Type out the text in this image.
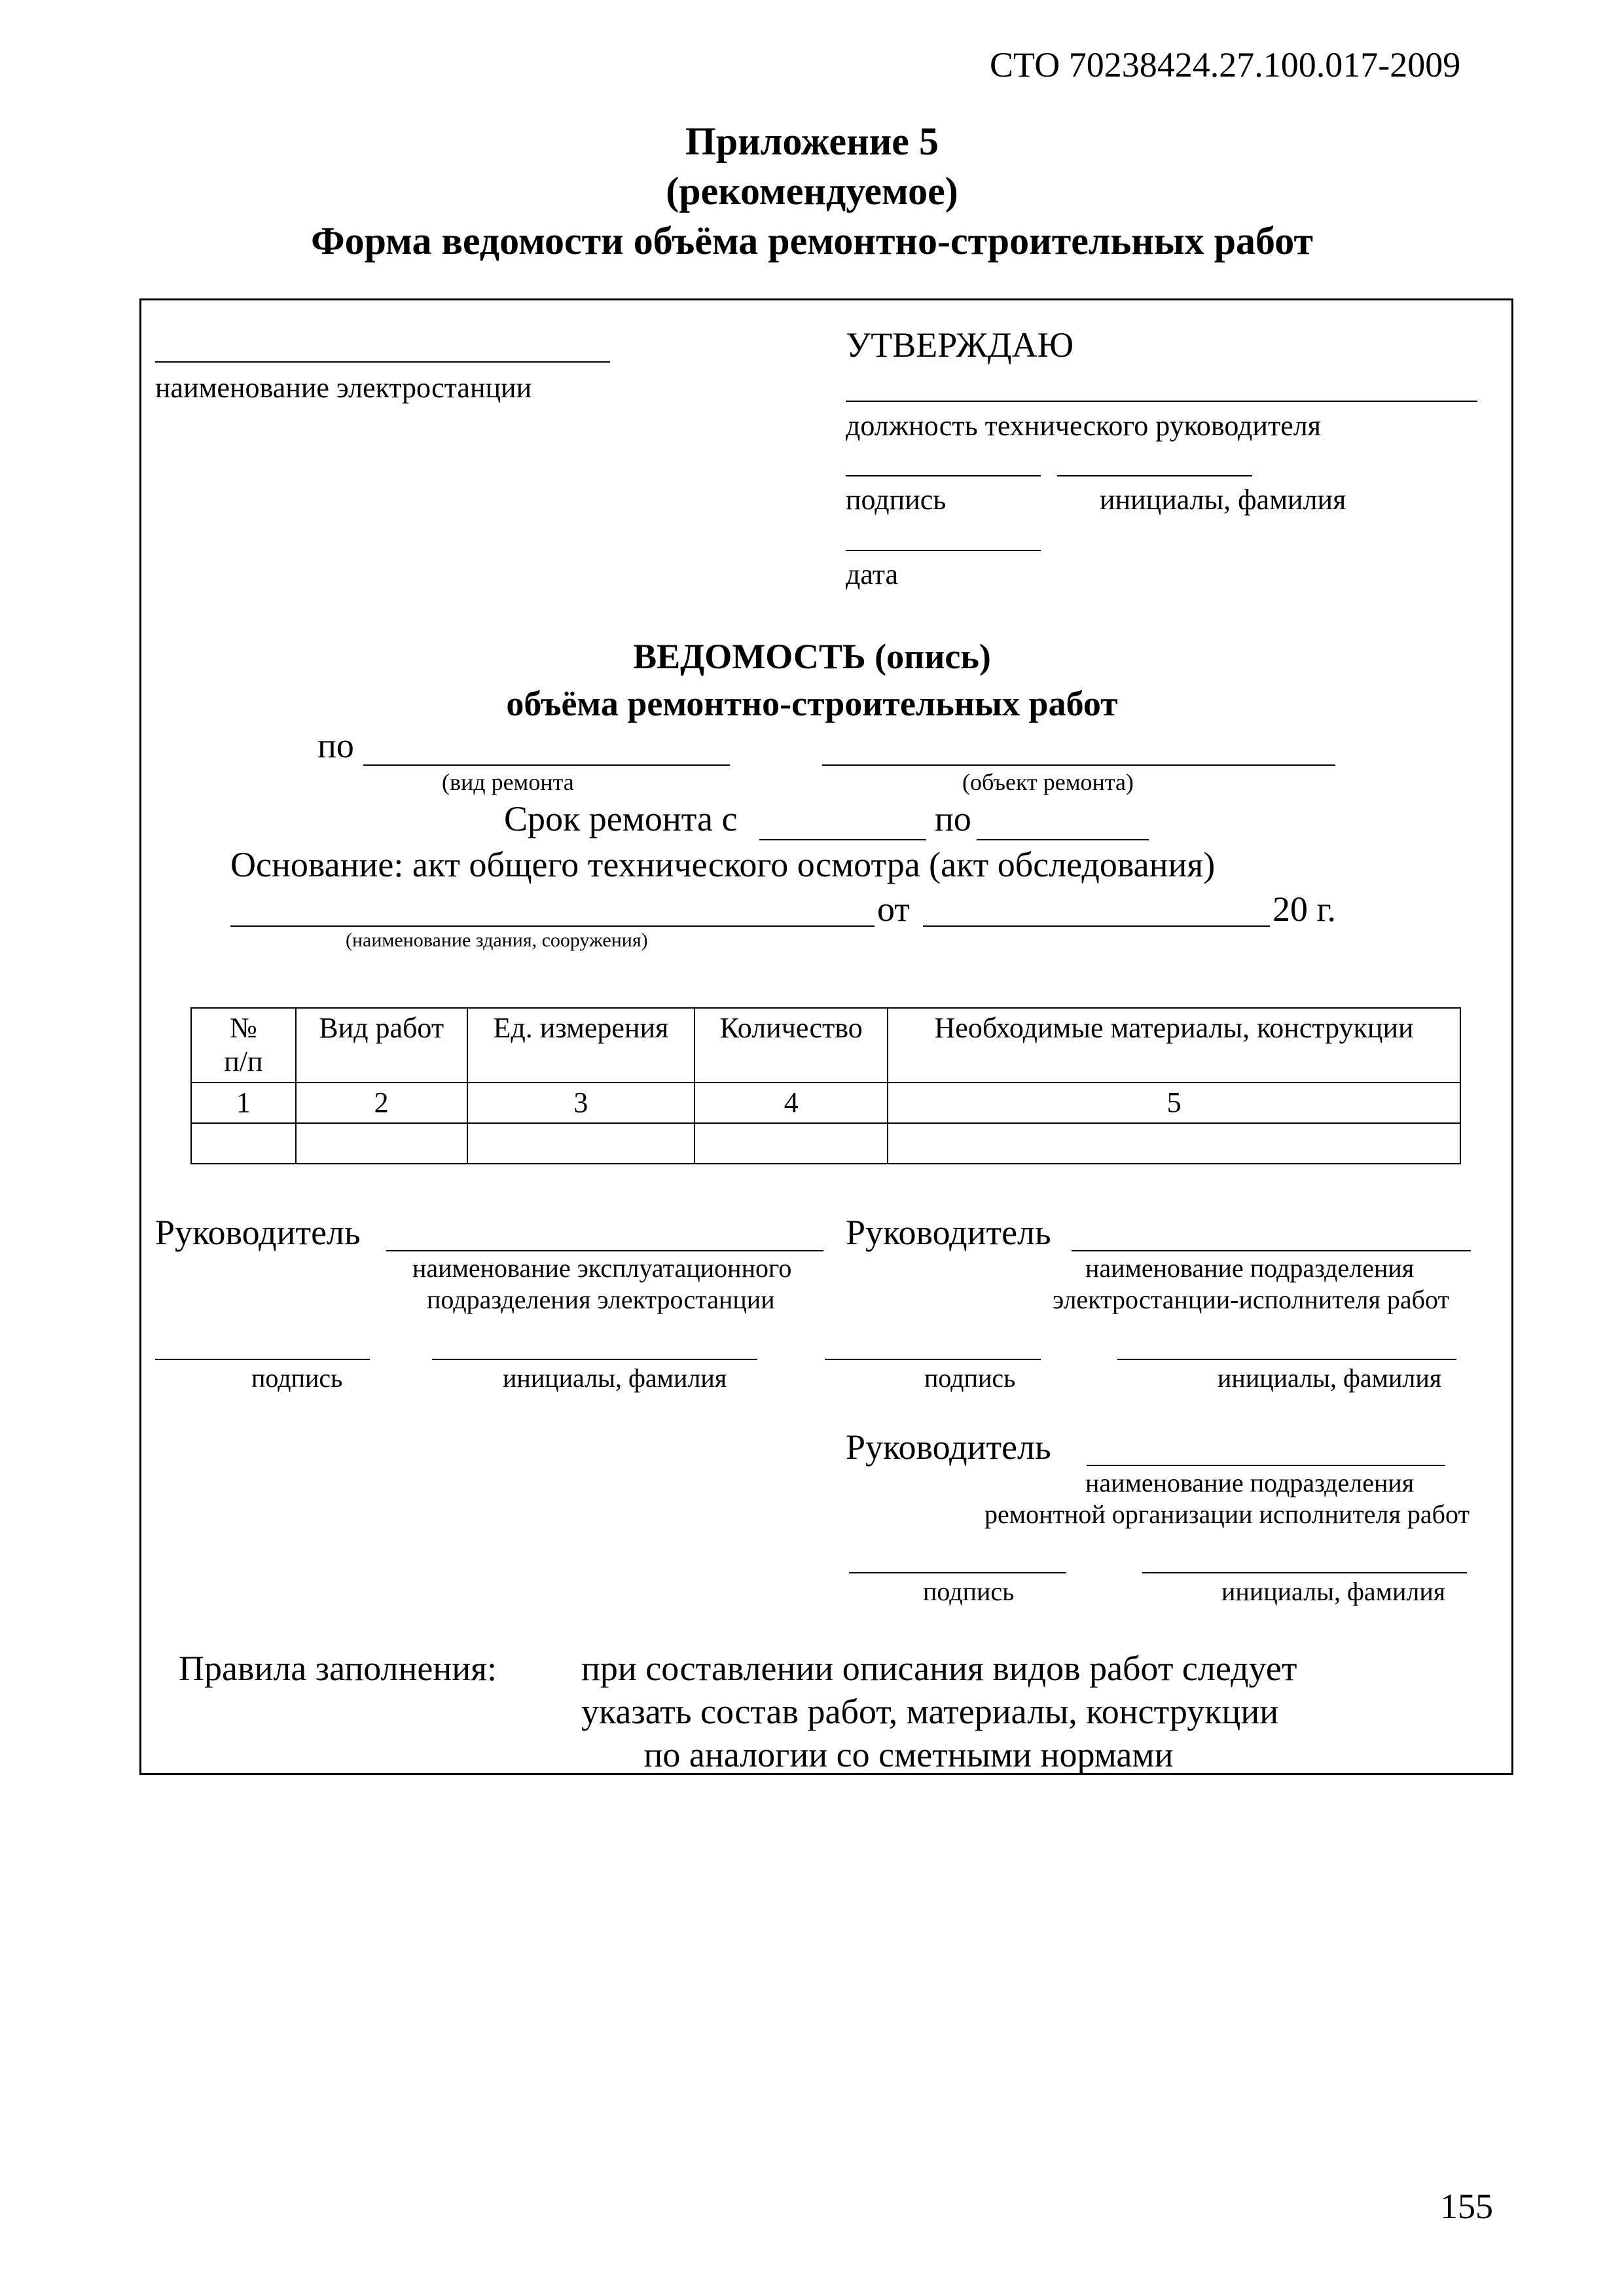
СТО 70238424.27.100.017-2009
Приложение 5
(рекомендуемое)
Форма ведомости объёма ремонтно-строительных работ
наименование электростанции
УТВЕРЖДАЮ
должность технического руководителя
подпись	инициалы, фамилия
дата
ВЕДОМОСТЬ (опись)
объёма ремонтно-строительных работ
по
(вид ремонта	(объект ремонта)
Срок ремонта с	по
Основание: акт общего технического осмотра (акт обследования)
от	20 г.
(наименование здания, сооружения)
№
п/п	Вид работ	Ед. измерения	Количество	Необходимые материалы, конструкции
1	2	3	4	5

Руководитель
наименование эксплуатационного
подразделения электростанции
Руководитель
наименование подразделения
электростанции-исполнителя работ
подпись	инициалы, фамилия	подпись	инициалы, фамилия
Руководитель
наименование подразделения
ремонтной организации исполнителя работ
подпись	инициалы, фамилия
Правила заполнения: при составлении описания видов работ следует
указать состав работ, материалы, конструкции
по аналогии со сметными нормами
155
